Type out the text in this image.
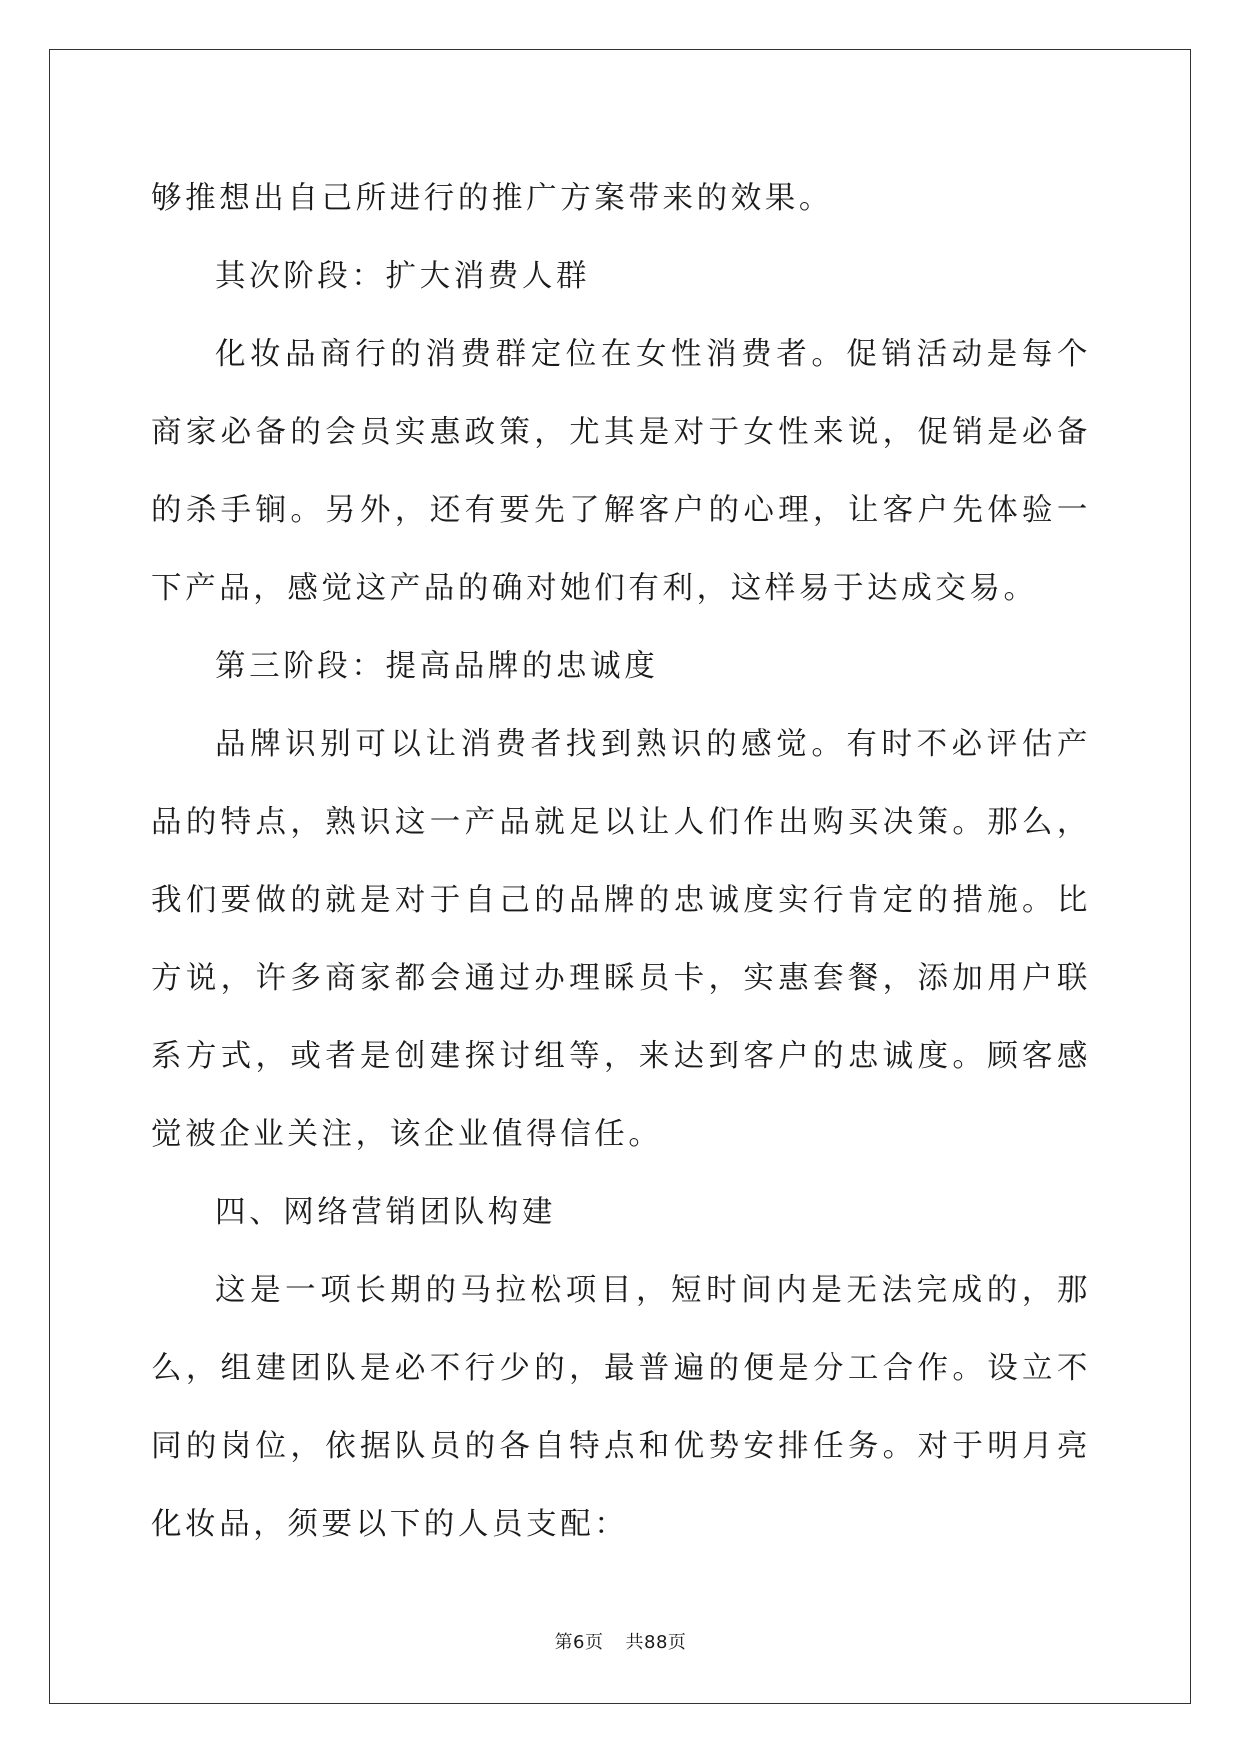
够推想出自己所进行的推广方案带来的效果。

其次阶段：扩大消费人群

化妆品商行的消费群定位在女性消费者。促销活动是每个商家必备的会员实惠政策，尤其是对于女性来说，促销是必备的杀手锏。另外，还有要先了解客户的心理，让客户先体验一下产品，感觉这产品的确对她们有利，这样易于达成交易。

第三阶段：提高品牌的忠诚度

品牌识别可以让消费者找到熟识的感觉。有时不必评估产品的特点，熟识这一产品就足以让人们作出购买决策。那么，我们要做的就是对于自己的品牌的忠诚度实行肯定的措施。比方说，许多商家都会通过办理睬员卡，实惠套餐，添加用户联系方式，或者是创建探讨组等，来达到客户的忠诚度。顾客感觉被企业关注，该企业值得信任。

四、网络营销团队构建

这是一项长期的马拉松项目，短时间内是无法完成的，那么，组建团队是必不行少的，最普遍的便是分工合作。设立不同的岗位，依据队员的各自特点和优势安排任务。对于明月亮化妆品，须要以下的人员支配：

第6页 共88页
